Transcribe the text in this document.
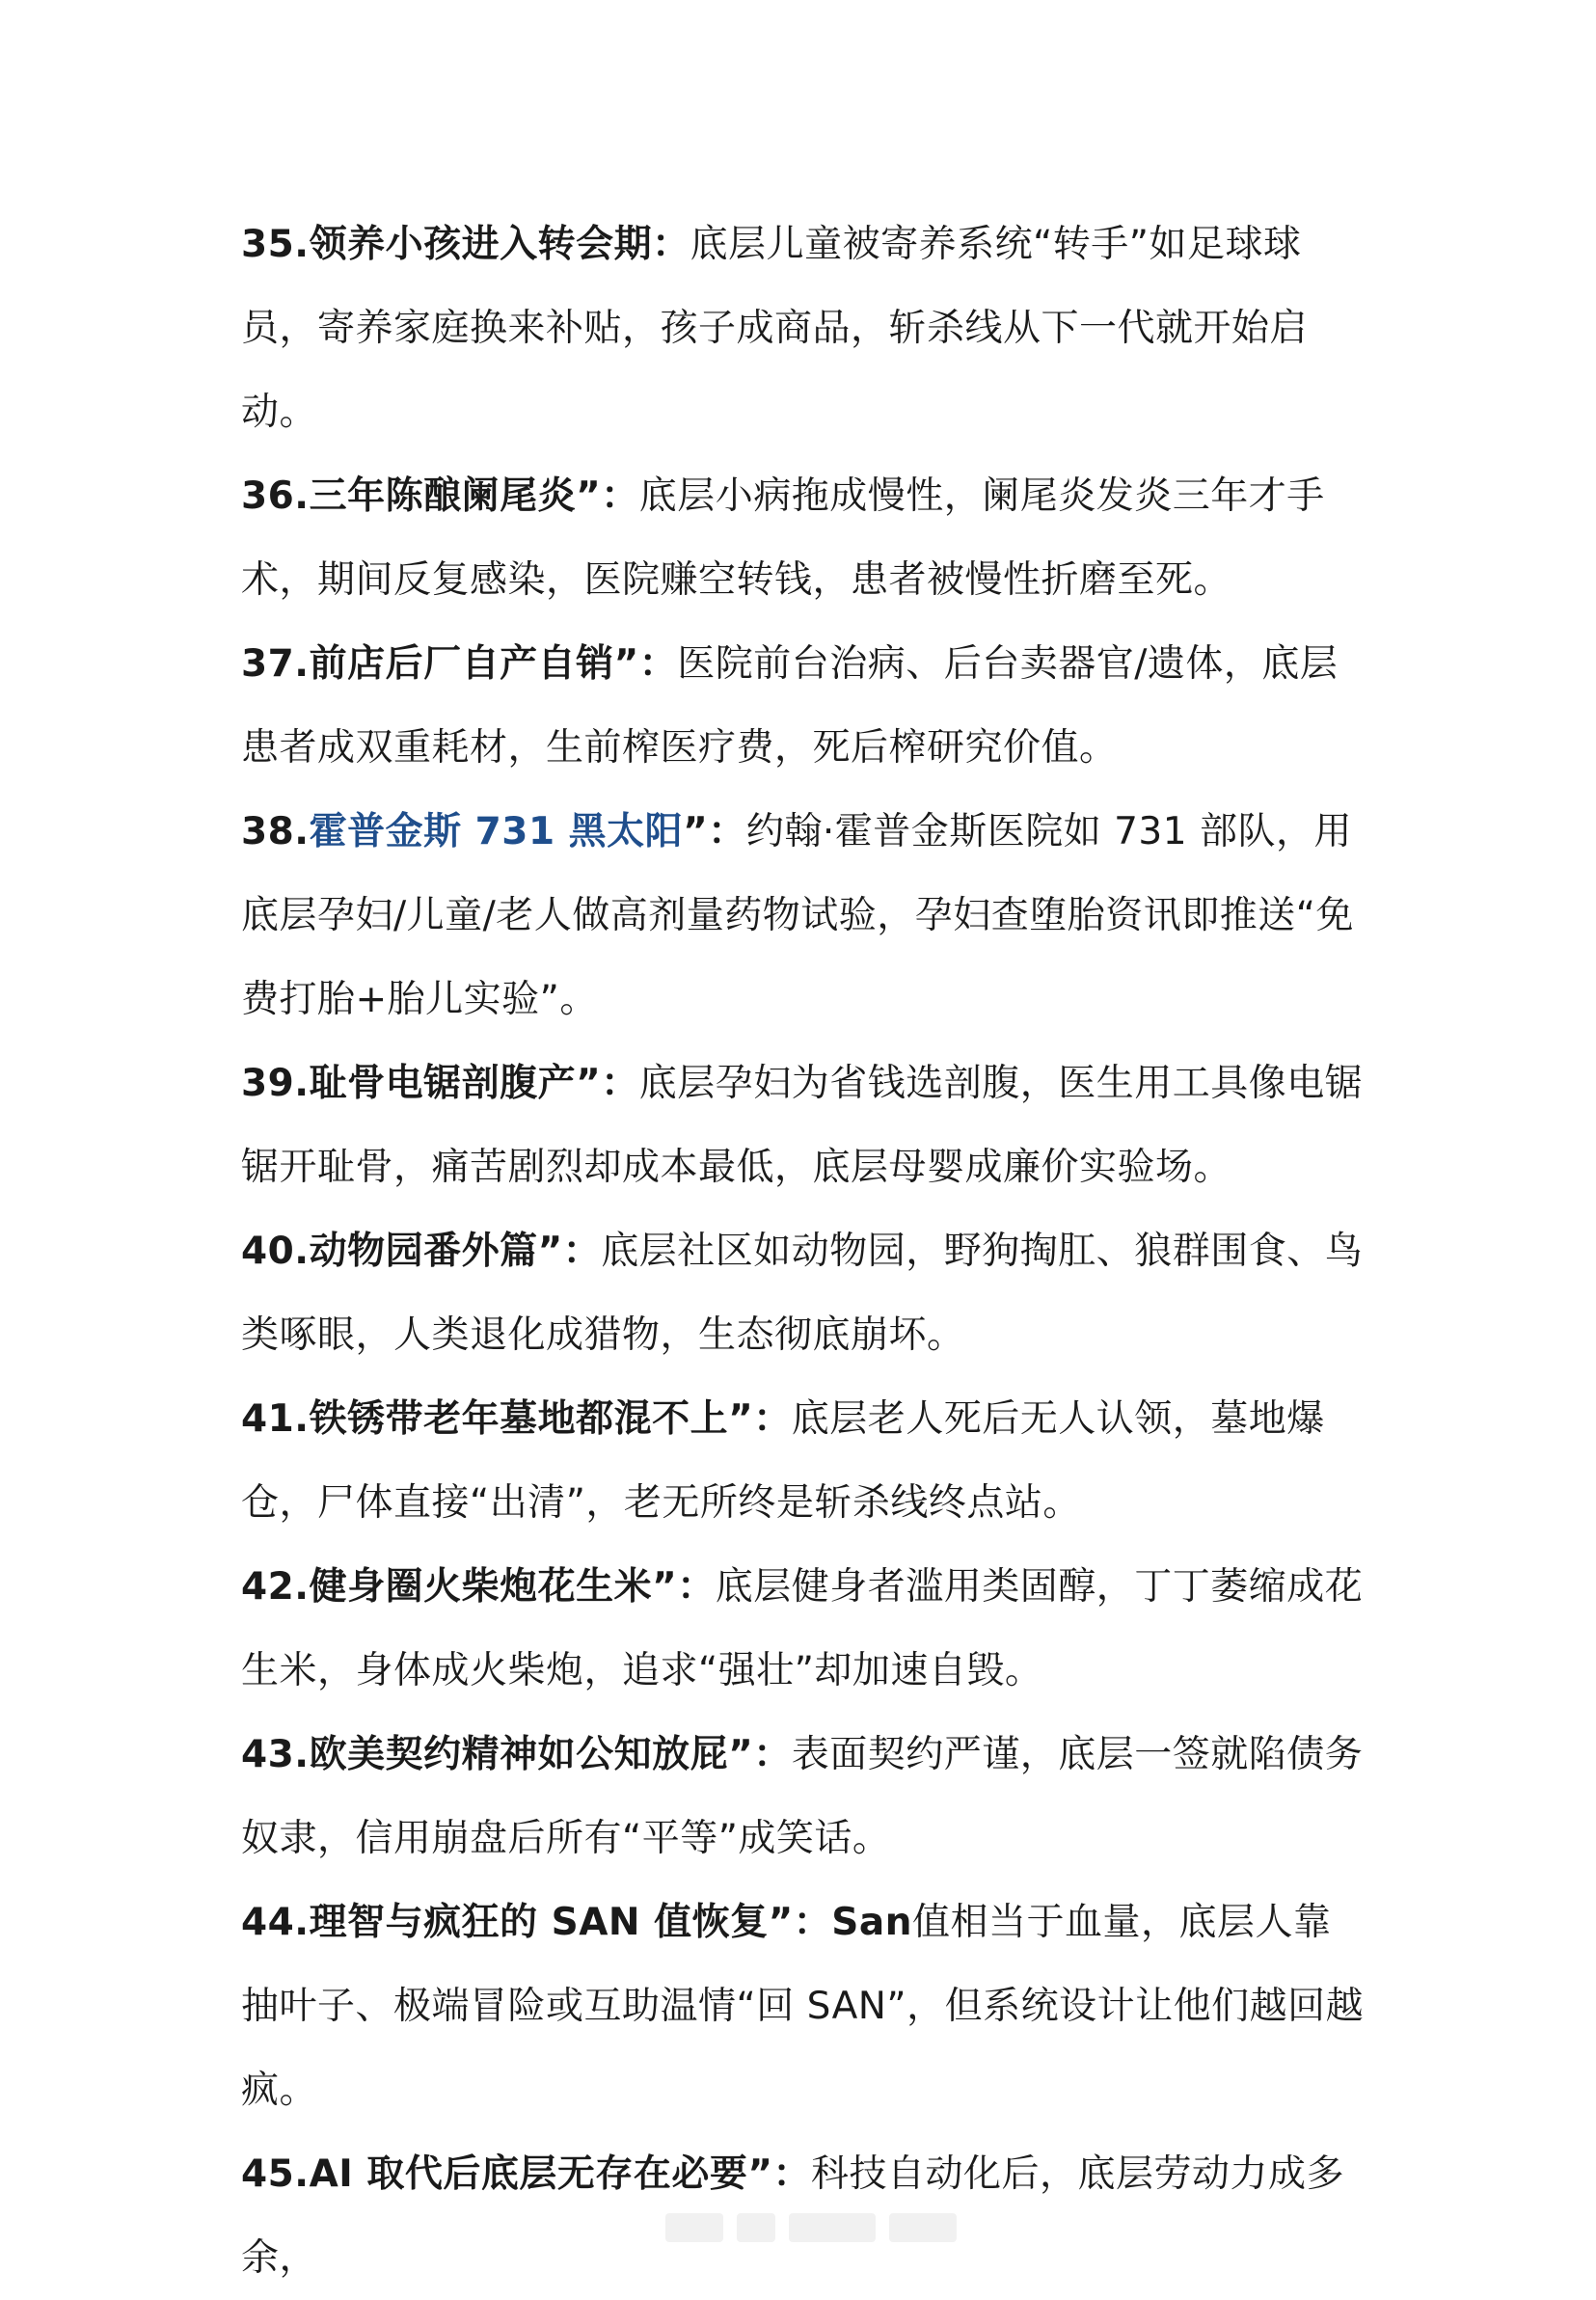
35.领养小孩进入转会期：底层儿童被寄养系统“转手”如足球球员，寄养家庭换来补贴，孩子成商品，斩杀线从下一代就开始启动。

36.三年陈酿阑尾炎”：底层小病拖成慢性，阑尾炎发炎三年才手术，期间反复感染，医院赚空转钱，患者被慢性折磨至死。

37.前店后厂自产自销”：医院前台治病、后台卖器官/遗体，底层患者成双重耗材，生前榨医疗费，死后榨研究价值。

38.霍普金斯 731 黑太阳”：约翰·霍普金斯医院如 731 部队，用底层孕妇/儿童/老人做高剂量药物试验，孕妇查堕胎资讯即推送“免费打胎+胎儿实验”。

39.耻骨电锯剖腹产”：底层孕妇为省钱选剖腹，医生用工具像电锯锯开耻骨，痛苦剧烈却成本最低，底层母婴成廉价实验场。

40.动物园番外篇”：底层社区如动物园，野狗掏肛、狼群围食、鸟类啄眼，人类退化成猎物，生态彻底崩坏。

41.铁锈带老年墓地都混不上”：底层老人死后无人认领，墓地爆仓，尸体直接“出清”，老无所终是斩杀线终点站。

42.健身圈火柴炮花生米”：底层健身者滥用类固醇，丁丁萎缩成花生米，身体成火柴炮，追求“强壮”却加速自毁。

43.欧美契约精神如公知放屁”：表面契约严谨，底层一签就陷债务奴隶，信用崩盘后所有“平等”成笑话。

44.理智与疯狂的 SAN 值恢复”：San值相当于血量，底层人靠抽叶子、极端冒险或互助温情“回 SAN”，但系统设计让他们越回越疯。

45.AI 取代后底层无存在必要”：科技自动化后，底层劳动力成多余，
